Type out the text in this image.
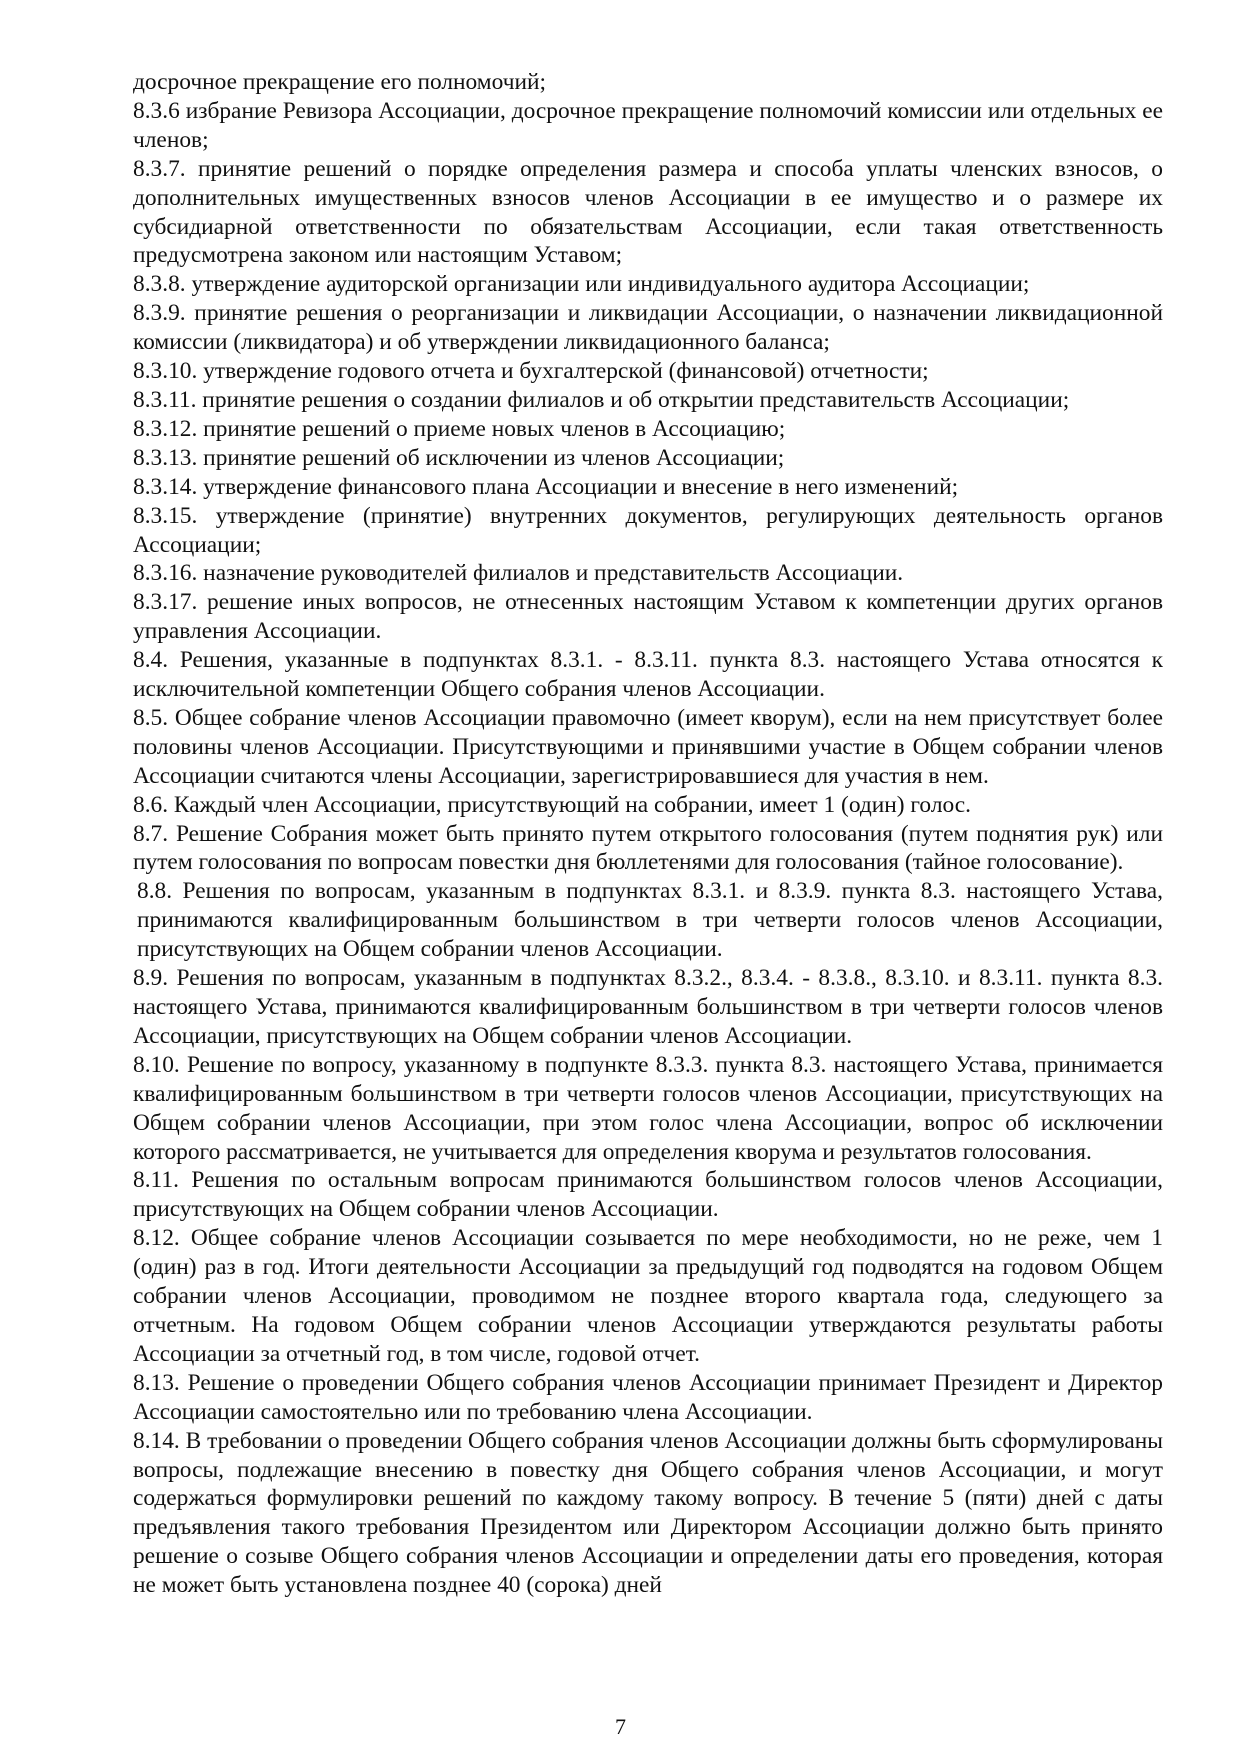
досрочное прекращение его полномочий;

8.3.6 избрание Ревизора Ассоциации, досрочное прекращение полномочий комиссии или отдельных ее членов;

8.3.7. принятие решений о порядке определения размера и способа уплаты членских взносов, о дополнительных имущественных взносов членов Ассоциации в ее имущество и о размере их субсидиарной ответственности по обязательствам Ассоциации, если такая ответственность предусмотрена законом или настоящим Уставом;

8.3.8. утверждение аудиторской организации или индивидуального аудитора Ассоциации;

8.3.9. принятие решения о реорганизации и ликвидации Ассоциации, о назначении ликвидационной комиссии (ликвидатора) и об утверждении ликвидационного баланса;

8.3.10. утверждение годового отчета и бухгалтерской (финансовой) отчетности;

8.3.11. принятие решения о создании филиалов и об открытии представительств Ассоциации;

8.3.12. принятие решений о приеме новых членов в Ассоциацию;

8.3.13. принятие решений об исключении из членов Ассоциации;

8.3.14. утверждение финансового плана Ассоциации и внесение в него изменений;

8.3.15. утверждение (принятие) внутренних документов, регулирующих деятельность органов Ассоциации;

8.3.16. назначение руководителей филиалов и представительств Ассоциации.

8.3.17. решение иных вопросов, не отнесенных настоящим Уставом к компетенции других органов управления Ассоциации.

8.4. Решения, указанные в подпунктах 8.3.1. - 8.3.11. пункта 8.3. настоящего Устава относятся к исключительной компетенции Общего собрания членов Ассоциации.

8.5. Общее собрание членов Ассоциации правомочно (имеет кворум), если на нем присутствует более половины членов Ассоциации. Присутствующими и принявшими участие в Общем собрании членов Ассоциации считаются члены Ассоциации, зарегистрировавшиеся для участия в нем.

8.6. Каждый член Ассоциации, присутствующий на собрании, имеет 1 (один) голос.

8.7. Решение Собрания может быть принято путем открытого голосования (путем поднятия рук) или путем голосования по вопросам повестки дня бюллетенями для голосования (тайное голосование).

8.8. Решения по вопросам, указанным в подпунктах 8.3.1. и 8.3.9. пункта 8.3. настоящего Устава, принимаются квалифицированным большинством в три четверти голосов членов Ассоциации, присутствующих на Общем собрании членов Ассоциации.

8.9. Решения по вопросам, указанным в подпунктах 8.3.2., 8.3.4. - 8.3.8., 8.3.10. и 8.3.11. пункта 8.3. настоящего Устава, принимаются квалифицированным большинством в три четверти голосов членов Ассоциации, присутствующих на Общем собрании членов Ассоциации.

8.10. Решение по вопросу, указанному в подпункте 8.3.3. пункта 8.3. настоящего Устава, принимается квалифицированным большинством в три четверти голосов членов Ассоциации, присутствующих на Общем собрании членов Ассоциации, при этом голос члена Ассоциации, вопрос об исключении которого рассматривается, не учитывается для определения кворума и результатов голосования.

8.11. Решения по остальным вопросам принимаются большинством голосов членов Ассоциации, присутствующих на Общем собрании членов Ассоциации.

8.12. Общее собрание членов Ассоциации созывается по мере необходимости, но не реже, чем 1 (один) раз в год. Итоги деятельности Ассоциации за предыдущий год подводятся на годовом Общем собрании членов Ассоциации, проводимом не позднее второго квартала года, следующего за отчетным. На годовом Общем собрании членов Ассоциации утверждаются результаты работы Ассоциации за отчетный год, в том числе, годовой отчет.

8.13. Решение о проведении Общего собрания членов Ассоциации принимает Президент и Директор Ассоциации самостоятельно или по требованию члена Ассоциации.

8.14. В требовании о проведении Общего собрания членов Ассоциации должны быть сформулированы вопросы, подлежащие внесению в повестку дня Общего собрания членов Ассоциации, и могут содержаться формулировки решений по каждому такому вопросу. В течение 5 (пяти) дней с даты предъявления такого требования Президентом или Директором Ассоциации должно быть принято решение о созыве Общего собрания членов Ассоциации и определении даты его проведения, которая не может быть установлена позднее 40 (сорока) дней

7
